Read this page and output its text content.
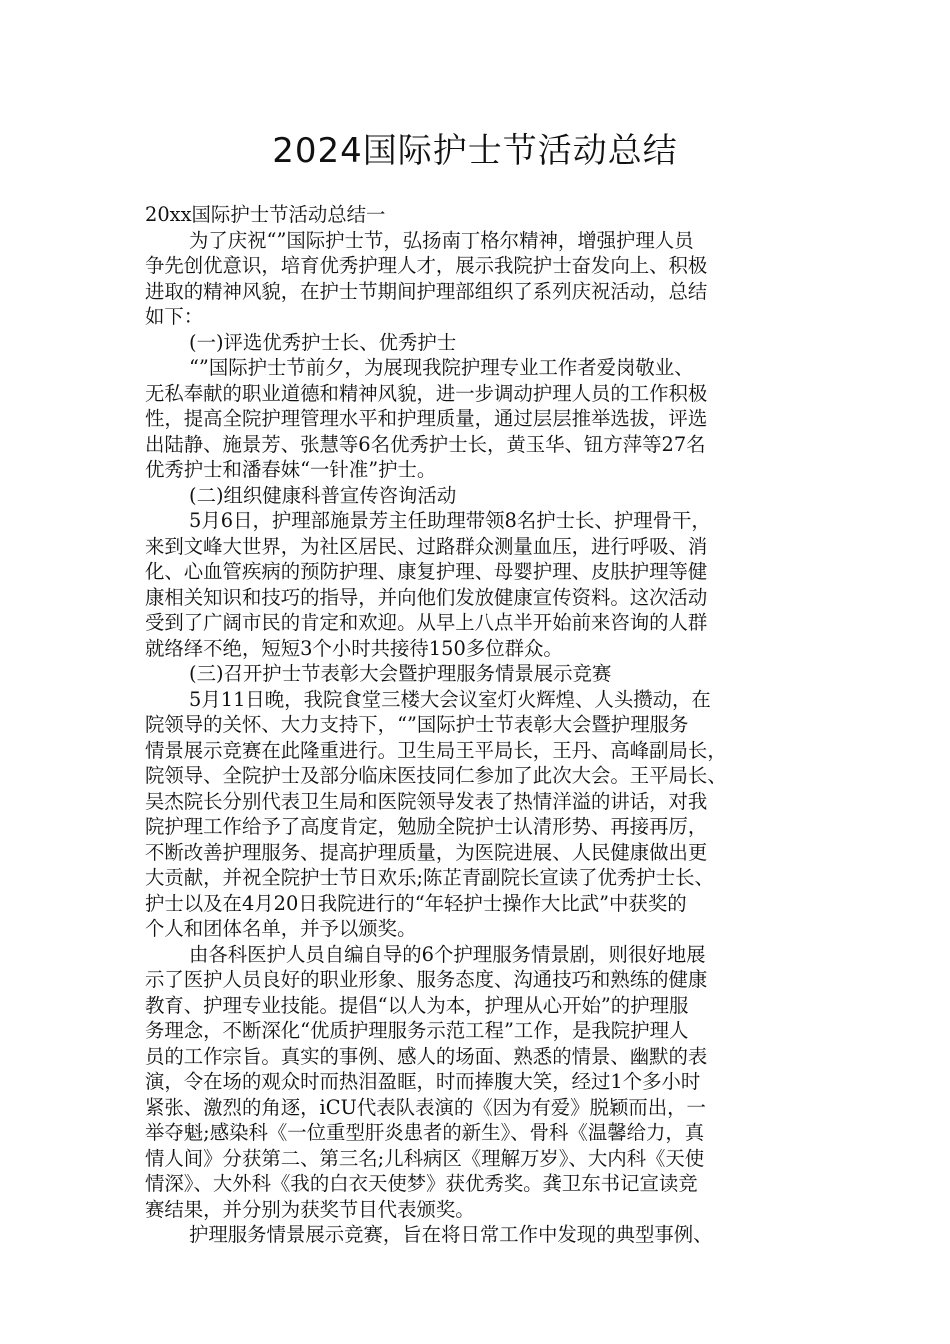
2024国际护士节活动总结
20xx国际护士节活动总结一
为了庆祝“”国际护士节，弘扬南丁格尔精神，增强护理人员
争先创优意识，培育优秀护理人才，展示我院护士奋发向上、积极
进取的精神风貌，在护士节期间护理部组织了系列庆祝活动，总结
如下：
(一)评选优秀护士长、优秀护士
“”国际护士节前夕，为展现我院护理专业工作者爱岗敬业、
无私奉献的职业道德和精神风貌，进一步调动护理人员的工作积极
性，提高全院护理管理水平和护理质量，通过层层推举选拔，评选
出陆静、施景芳、张慧等6名优秀护士长，黄玉华、钮方萍等27名
优秀护士和潘春妹“一针准”护士。
(二)组织健康科普宣传咨询活动
5月6日，护理部施景芳主任助理带领8名护士长、护理骨干，
来到文峰大世界，为社区居民、过路群众测量血压，进行呼吸、消
化、心血管疾病的预防护理、康复护理、母婴护理、皮肤护理等健
康相关知识和技巧的指导，并向他们发放健康宣传资料。这次活动
受到了广阔市民的肯定和欢迎。从早上八点半开始前来咨询的人群
就络绎不绝，短短3个小时共接待150多位群众。
(三)召开护士节表彰大会暨护理服务情景展示竞赛
5月11日晚，我院食堂三楼大会议室灯火辉煌、人头攒动，在
院领导的关怀、大力支持下，“”国际护士节表彰大会暨护理服务
情景展示竞赛在此隆重进行。卫生局王平局长，王丹、高峰副局长，
院领导、全院护士及部分临床医技同仁参加了此次大会。王平局长、
吴杰院长分别代表卫生局和医院领导发表了热情洋溢的讲话，对我
院护理工作给予了高度肯定，勉励全院护士认清形势、再接再厉，
不断改善护理服务、提高护理质量，为医院进展、人民健康做出更
大贡献，并祝全院护士节日欢乐;陈芷青副院长宣读了优秀护士长、
护士以及在4月20日我院进行的“年轻护士操作大比武”中获奖的
个人和团体名单，并予以颁奖。
由各科医护人员自编自导的6个护理服务情景剧，则很好地展
示了医护人员良好的职业形象、服务态度、沟通技巧和熟练的健康
教育、护理专业技能。提倡“以人为本，护理从心开始”的护理服
务理念，不断深化“优质护理服务示范工程”工作，是我院护理人
员的工作宗旨。真实的事例、感人的场面、熟悉的情景、幽默的表
演，令在场的观众时而热泪盈眶，时而捧腹大笑，经过1个多小时
紧张、激烈的角逐，iCU代表队表演的《因为有爱》脱颖而出，一
举夺魁;感染科《一位重型肝炎患者的新生》、骨科《温馨给力，真
情人间》分获第二、第三名;儿科病区《理解万岁》、大内科《天使
情深》、大外科《我的白衣天使梦》获优秀奖。龚卫东书记宣读竞
赛结果，并分别为获奖节目代表颁奖。
护理服务情景展示竞赛，旨在将日常工作中发现的典型事例、
